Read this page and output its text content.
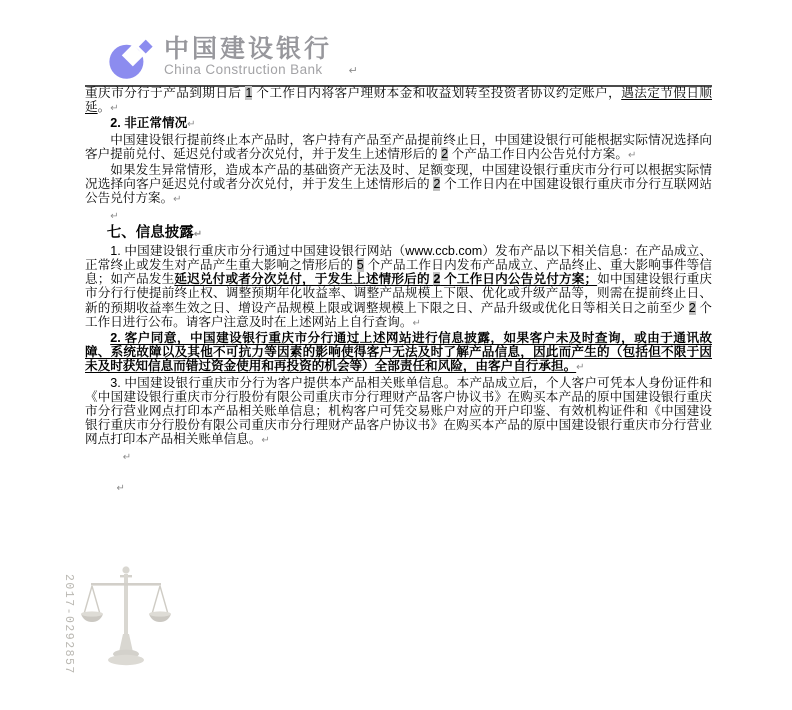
中国建设银行
China Construction Bank ↵

重庆市分行于产品到期日后 1 个工作日内将客户理财本金和收益划转至投资者协议约定账户，遇法定节假日顺延。↵

2. 非正常情况↵

中国建设银行提前终止本产品时，客户持有产品至产品提前终止日，中国建设银行可能根据实际情况选择向客户提前兑付、延迟兑付或者分次兑付，并于发生上述情形后的 2 个产品工作日内公告兑付方案。↵

如果发生异常情形，造成本产品的基础资产无法及时、足额变现，中国建设银行重庆市分行可以根据实际情况选择向客户延迟兑付或者分次兑付，并于发生上述情形后的 2 个工作日内在中国建设银行重庆市分行互联网站公告兑付方案。↵

↵

七、信息披露↵

1. 中国建设银行重庆市分行通过中国建设银行网站（www.ccb.com）发布产品以下相关信息：在产品成立、正常终止或发生对产品产生重大影响之情形后的 5 个产品工作日内发布产品成立、产品终止、重大影响事件等信息；如产品发生延迟兑付或者分次兑付，于发生上述情形后的 2 个工作日内公告兑付方案；如中国建设银行重庆市分行行使提前终止权、调整预期年化收益率、调整产品规模上下限、优化或升级产品等，则需在提前终止日、新的预期收益率生效之日、增设产品规模上限或调整规模上下限之日、产品升级或优化日等相关日之前至少 2 个工作日进行公布。请客户注意及时在上述网站上自行查询。↵

2. 客户同意，中国建设银行重庆市分行通过上述网站进行信息披露，如果客户未及时查询，或由于通讯故障、系统故障以及其他不可抗力等因素的影响使得客户无法及时了解产品信息，因此而产生的（包括但不限于因未及时获知信息而错过资金使用和再投资的机会等）全部责任和风险，由客户自行承担。↵

3. 中国建设银行重庆市分行为客户提供本产品相关账单信息。本产品成立后，个人客户可凭本人身份证件和《中国建设银行重庆市分行股份有限公司重庆市分行理财产品客户协议书》在购买本产品的原中国建设银行重庆市分行营业网点打印本产品相关账单信息；机构客户可凭交易账户对应的开户印鉴、有效机构证件和《中国建设银行重庆市分行股份有限公司重庆市分行理财产品客户协议书》在购买本产品的原中国建设银行重庆市分行营业网点打印本产品相关账单信息。↵

↵

↵

2017-0292857
